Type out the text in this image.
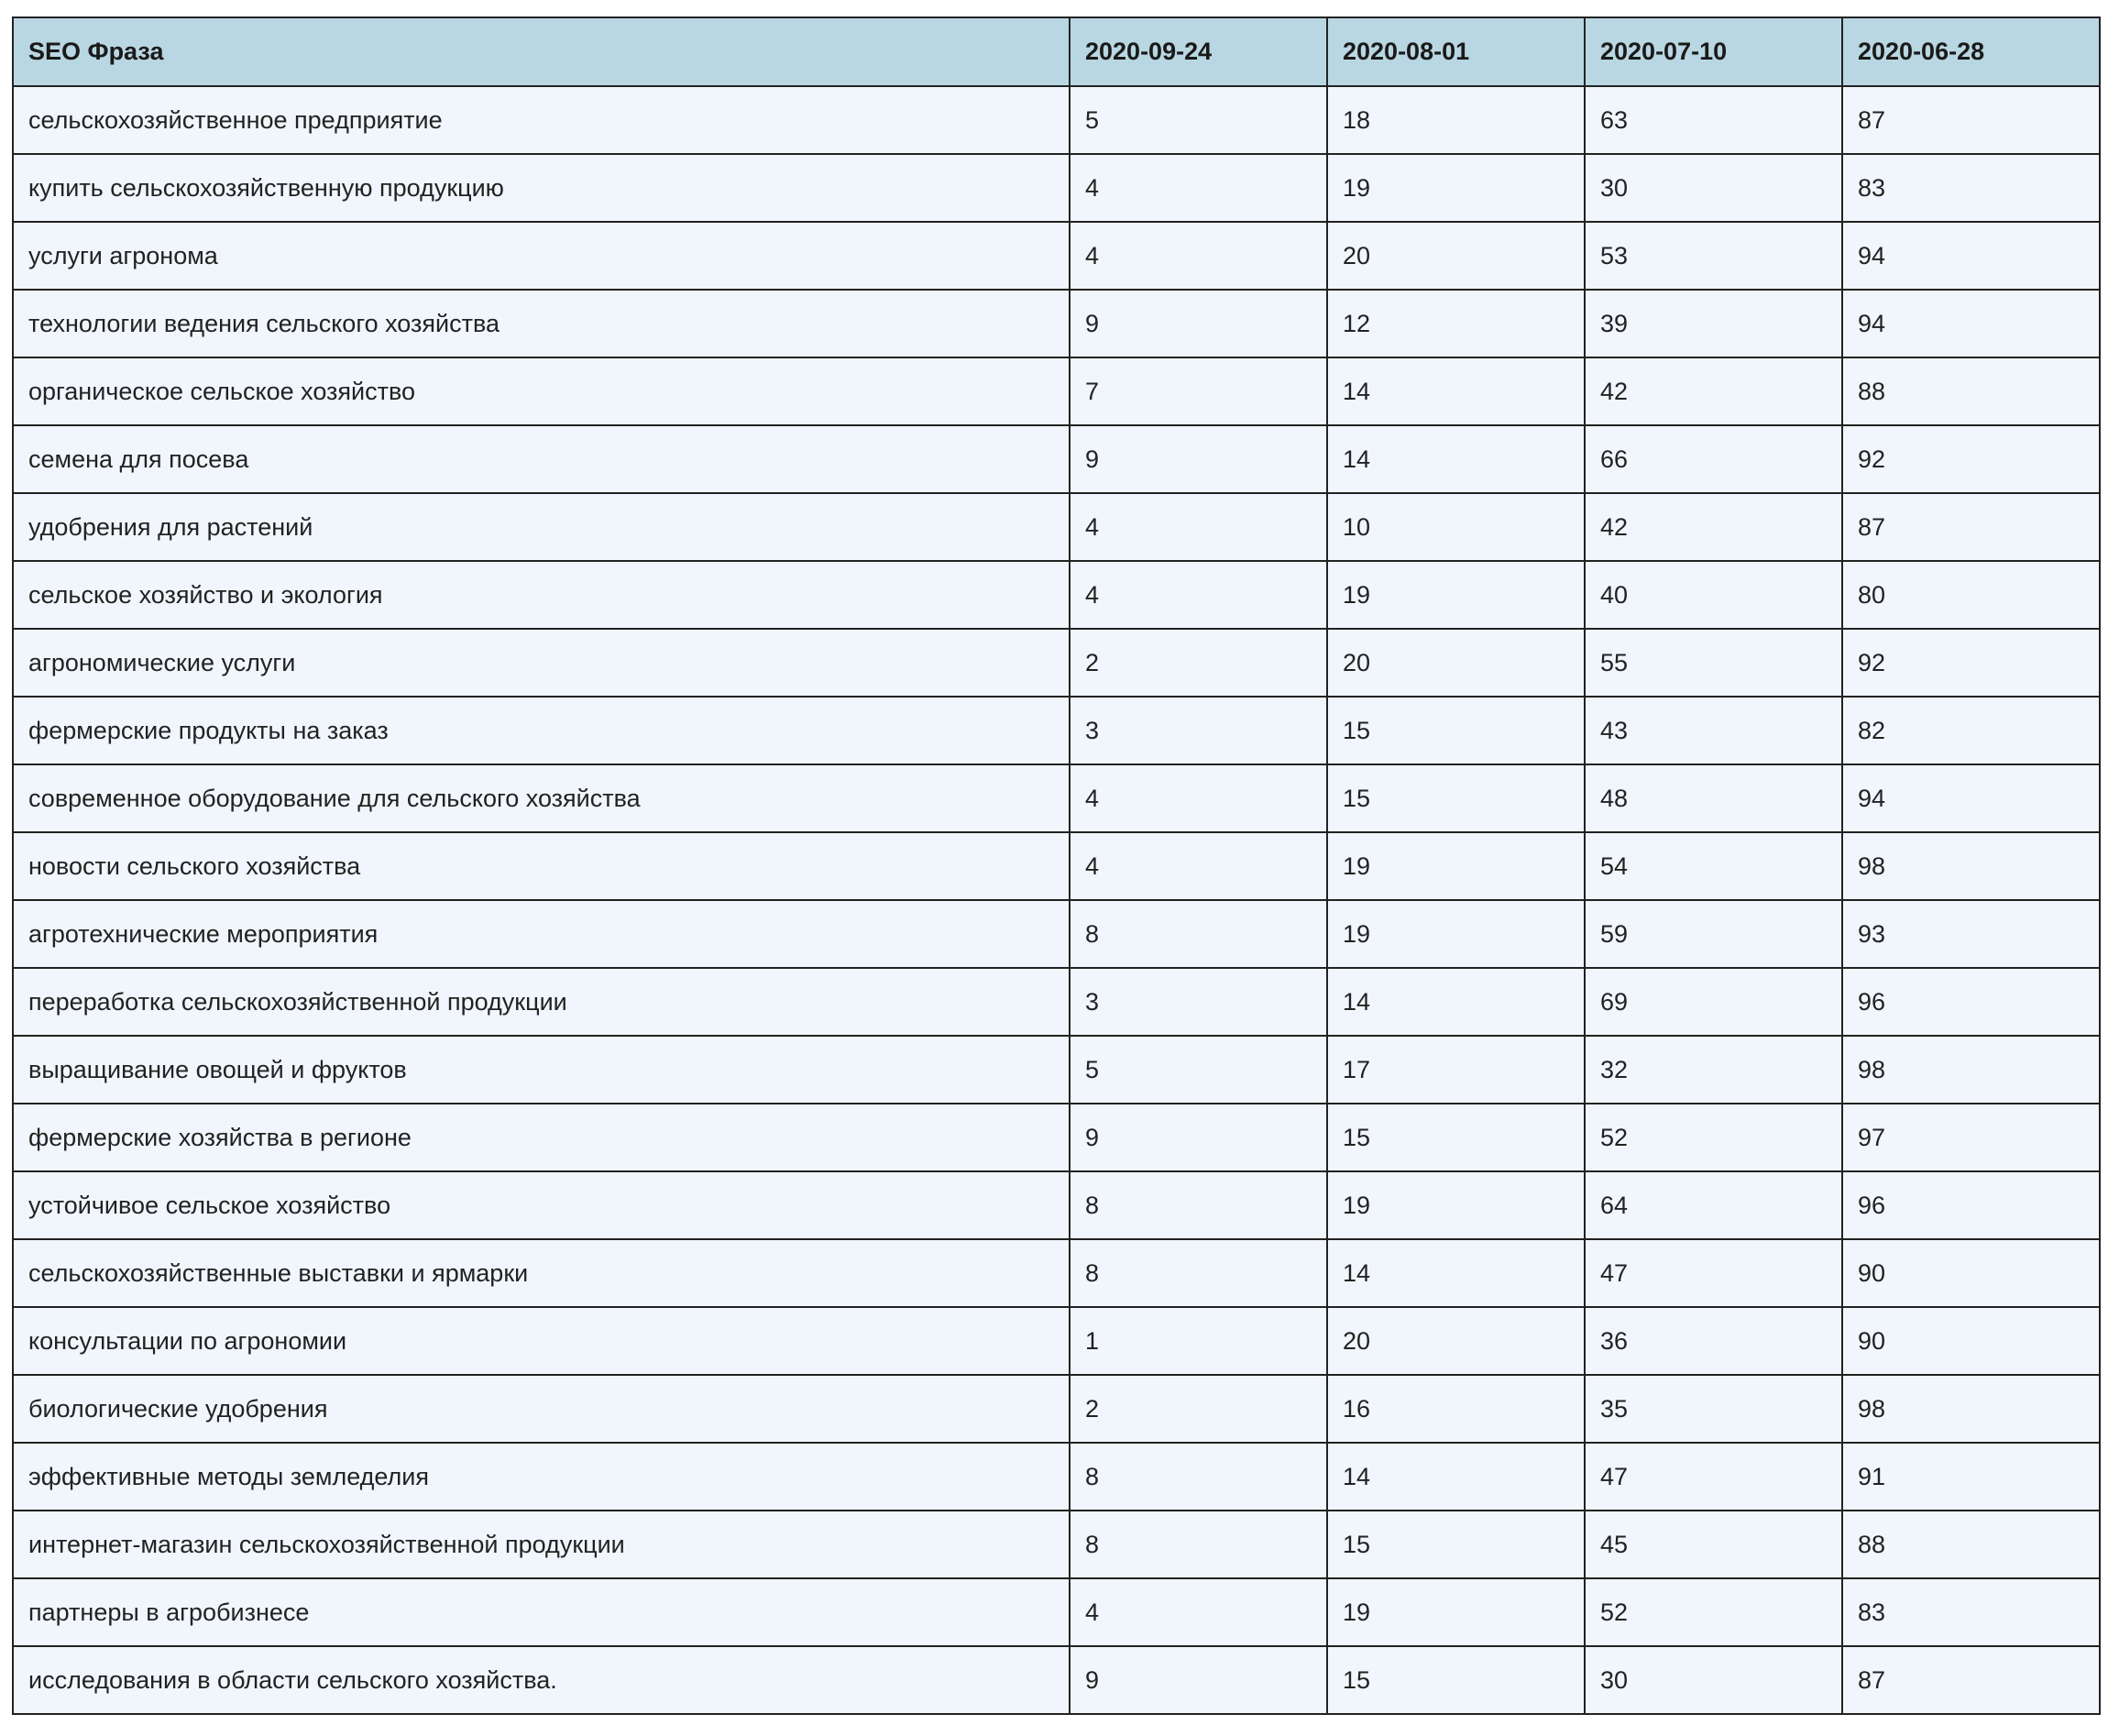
SEO Фраза	2020-09-24	2020-08-01	2020-07-10	2020-06-28
сельскохозяйственное предприятие	5	18	63	87
купить сельскохозяйственную продукцию	4	19	30	83
услуги агронома	4	20	53	94
технологии ведения сельского хозяйства	9	12	39	94
органическое сельское хозяйство	7	14	42	88
семена для посева	9	14	66	92
удобрения для растений	4	10	42	87
сельское хозяйство и экология	4	19	40	80
агрономические услуги	2	20	55	92
фермерские продукты на заказ	3	15	43	82
современное оборудование для сельского хозяйства	4	15	48	94
новости сельского хозяйства	4	19	54	98
агротехнические мероприятия	8	19	59	93
переработка сельскохозяйственной продукции	3	14	69	96
выращивание овощей и фруктов	5	17	32	98
фермерские хозяйства в регионе	9	15	52	97
устойчивое сельское хозяйство	8	19	64	96
сельскохозяйственные выставки и ярмарки	8	14	47	90
консультации по агрономии	1	20	36	90
биологические удобрения	2	16	35	98
эффективные методы земледелия	8	14	47	91
интернет-магазин сельскохозяйственной продукции	8	15	45	88
партнеры в агробизнесе	4	19	52	83
исследования в области сельского хозяйства.	9	15	30	87
